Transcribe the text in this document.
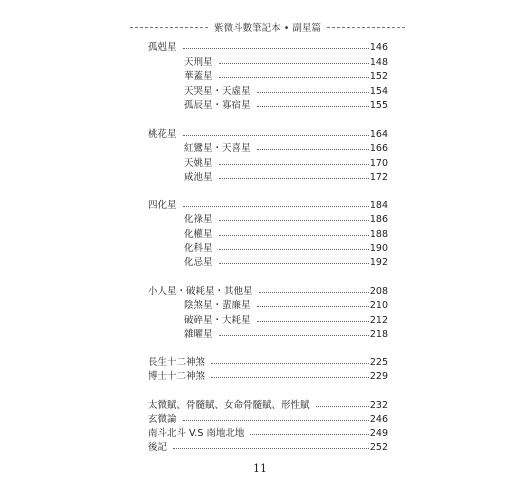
紫微斗數筆記本 • 副星篇
孤剋星	146
天刑星	148
華蓋星	152
天哭星・天虛星	154
孤辰星・寡宿星	155
桃花星	164
紅鸞星・天喜星	166
天姚星	170
咸池星	172
四化星	184
化祿星	186
化權星	188
化科星	190
化忌星	192
小人星・破耗星・其他星	208
陰煞星・蜚廉星	210
破碎星・大耗星	212
雜曜星	218
長生十二神煞	225
博士十二神煞	229
太微賦、骨髓賦、女命骨髓賦、形性賦	232
玄微論	246
南斗北斗 V.S 南地北地	249
後記	252
11
